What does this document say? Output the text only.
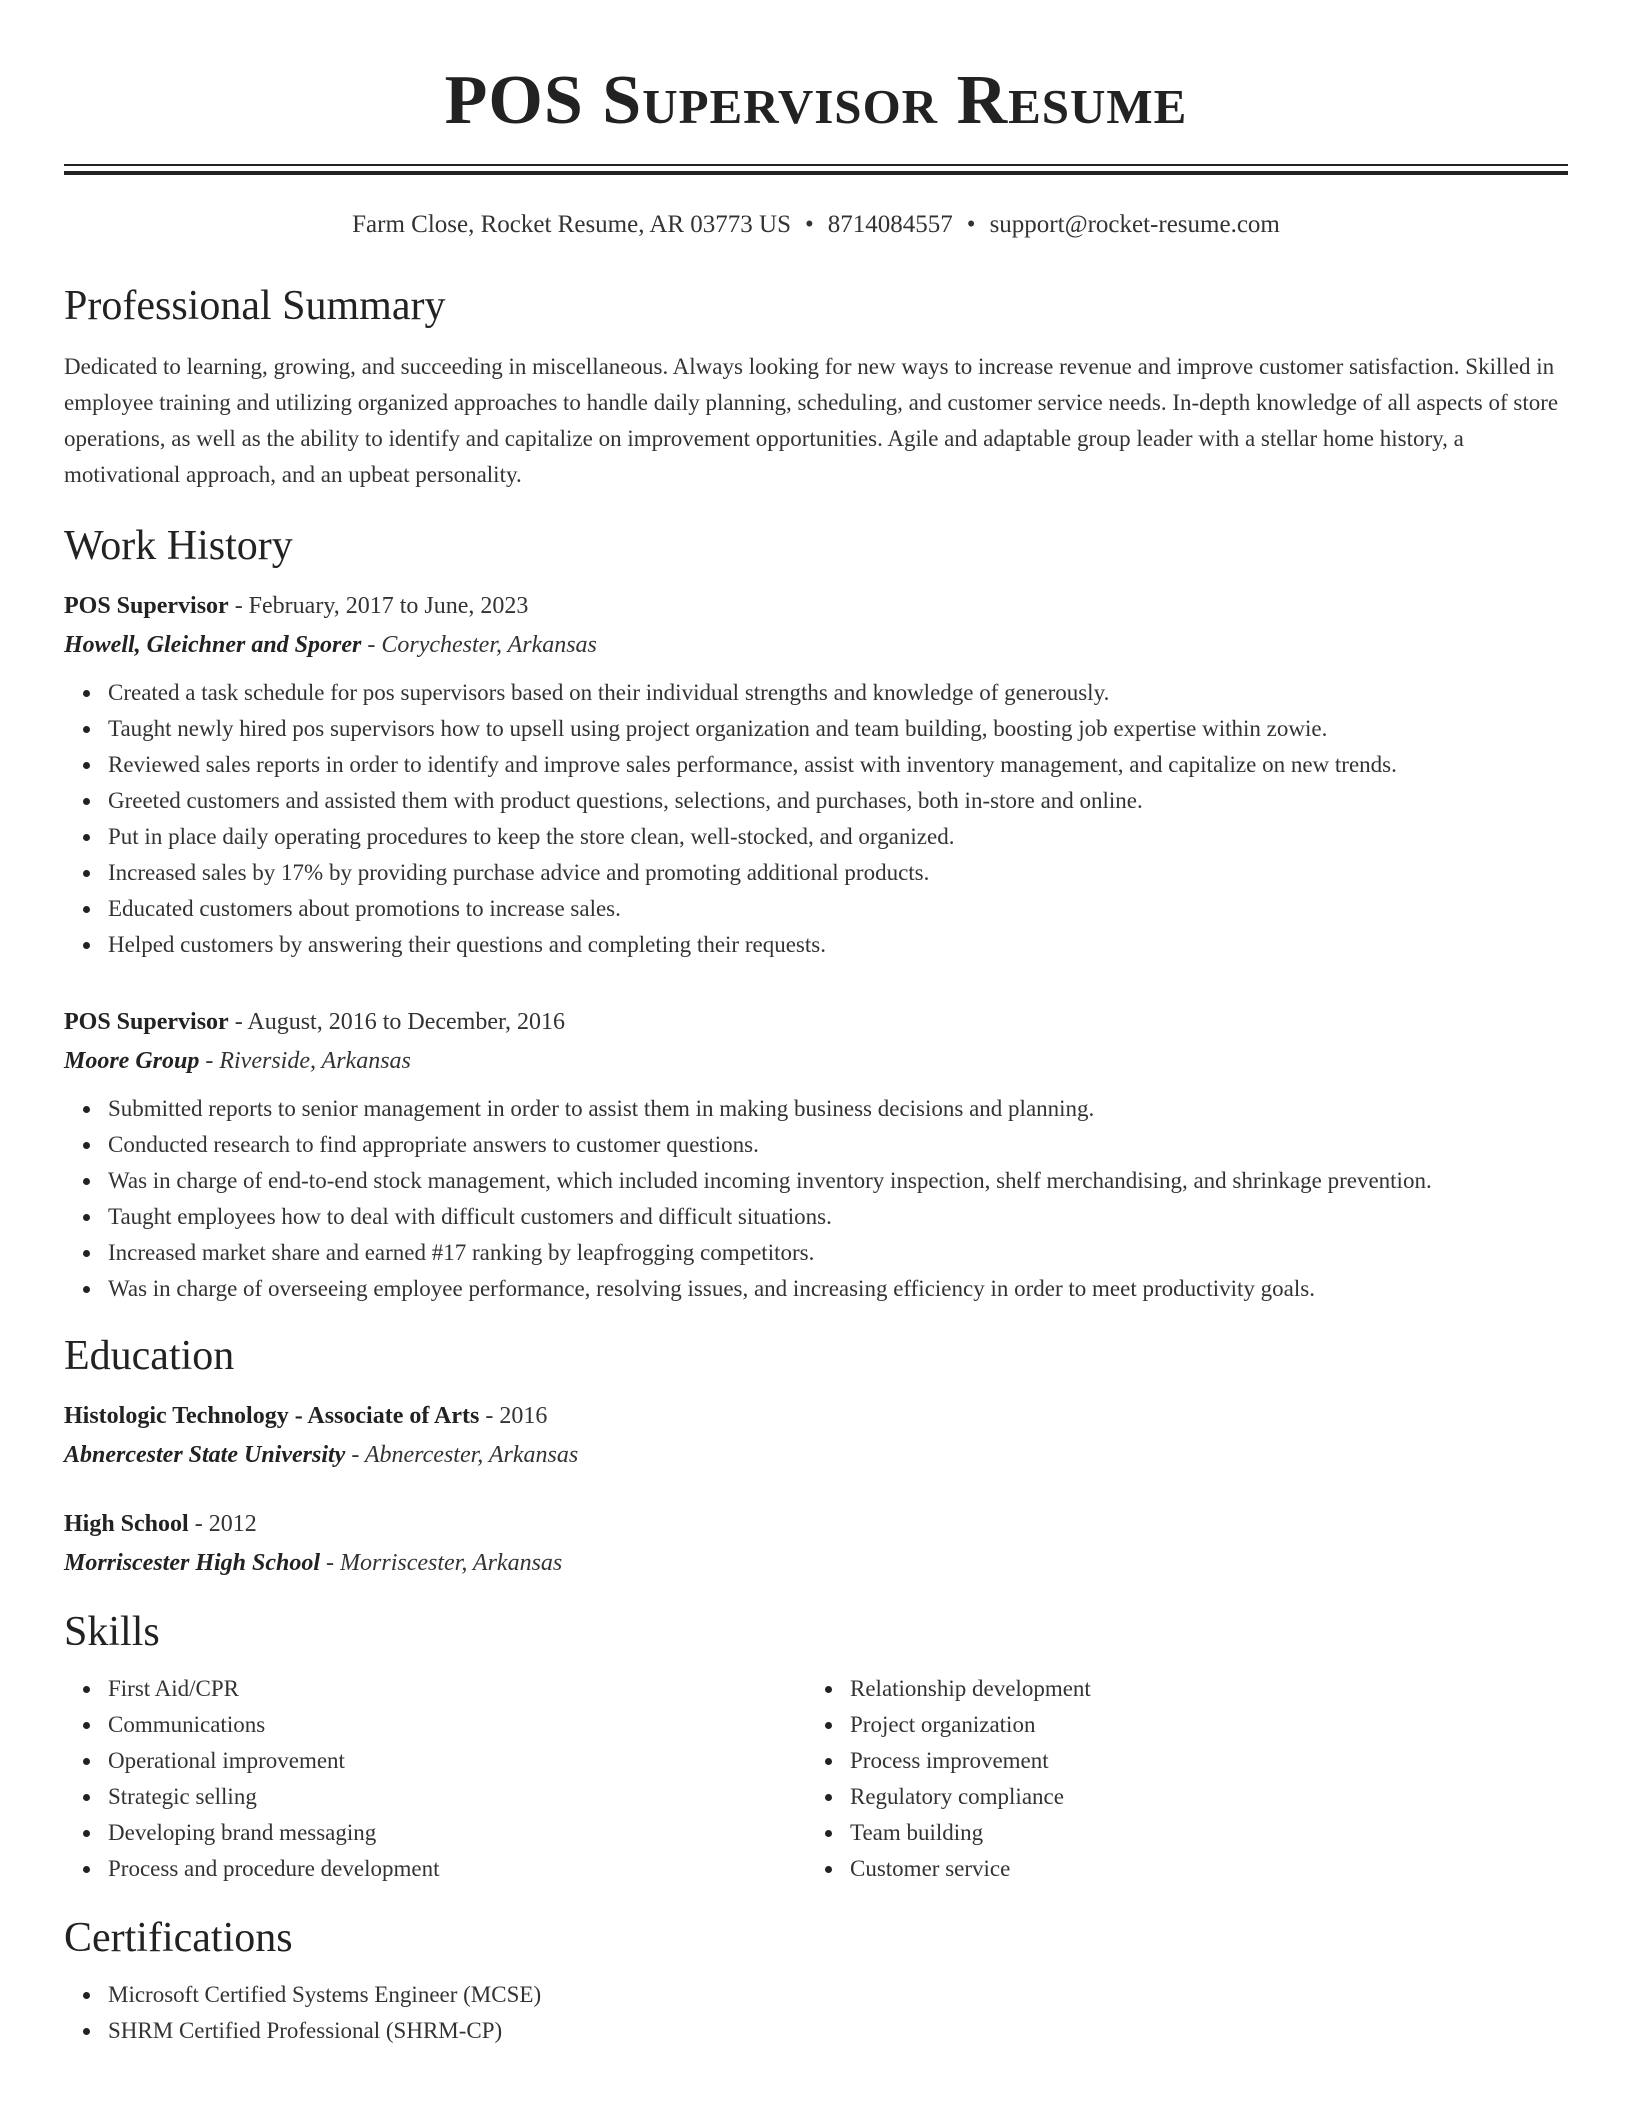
POS Supervisor Resume
Farm Close, Rocket Resume, AR 03773 US • 8714084557 • support@rocket-resume.com
Professional Summary
Dedicated to learning, growing, and succeeding in miscellaneous. Always looking for new ways to increase revenue and improve customer satisfaction. Skilled in employee training and utilizing organized approaches to handle daily planning, scheduling, and customer service needs. In-depth knowledge of all aspects of store operations, as well as the ability to identify and capitalize on improvement opportunities. Agile and adaptable group leader with a stellar home history, a motivational approach, and an upbeat personality.
Work History
POS Supervisor - February, 2017 to June, 2023
Howell, Gleichner and Sporer - Corychester, Arkansas
Created a task schedule for pos supervisors based on their individual strengths and knowledge of generously.
Taught newly hired pos supervisors how to upsell using project organization and team building, boosting job expertise within zowie.
Reviewed sales reports in order to identify and improve sales performance, assist with inventory management, and capitalize on new trends.
Greeted customers and assisted them with product questions, selections, and purchases, both in-store and online.
Put in place daily operating procedures to keep the store clean, well-stocked, and organized.
Increased sales by 17% by providing purchase advice and promoting additional products.
Educated customers about promotions to increase sales.
Helped customers by answering their questions and completing their requests.
POS Supervisor - August, 2016 to December, 2016
Moore Group - Riverside, Arkansas
Submitted reports to senior management in order to assist them in making business decisions and planning.
Conducted research to find appropriate answers to customer questions.
Was in charge of end-to-end stock management, which included incoming inventory inspection, shelf merchandising, and shrinkage prevention.
Taught employees how to deal with difficult customers and difficult situations.
Increased market share and earned #17 ranking by leapfrogging competitors.
Was in charge of overseeing employee performance, resolving issues, and increasing efficiency in order to meet productivity goals.
Education
Histologic Technology - Associate of Arts - 2016
Abnercester State University - Abnercester, Arkansas
High School - 2012
Morriscester High School - Morriscester, Arkansas
Skills
First Aid/CPR
Communications
Operational improvement
Strategic selling
Developing brand messaging
Process and procedure development
Relationship development
Project organization
Process improvement
Regulatory compliance
Team building
Customer service
Certifications
Microsoft Certified Systems Engineer (MCSE)
SHRM Certified Professional (SHRM-CP)
